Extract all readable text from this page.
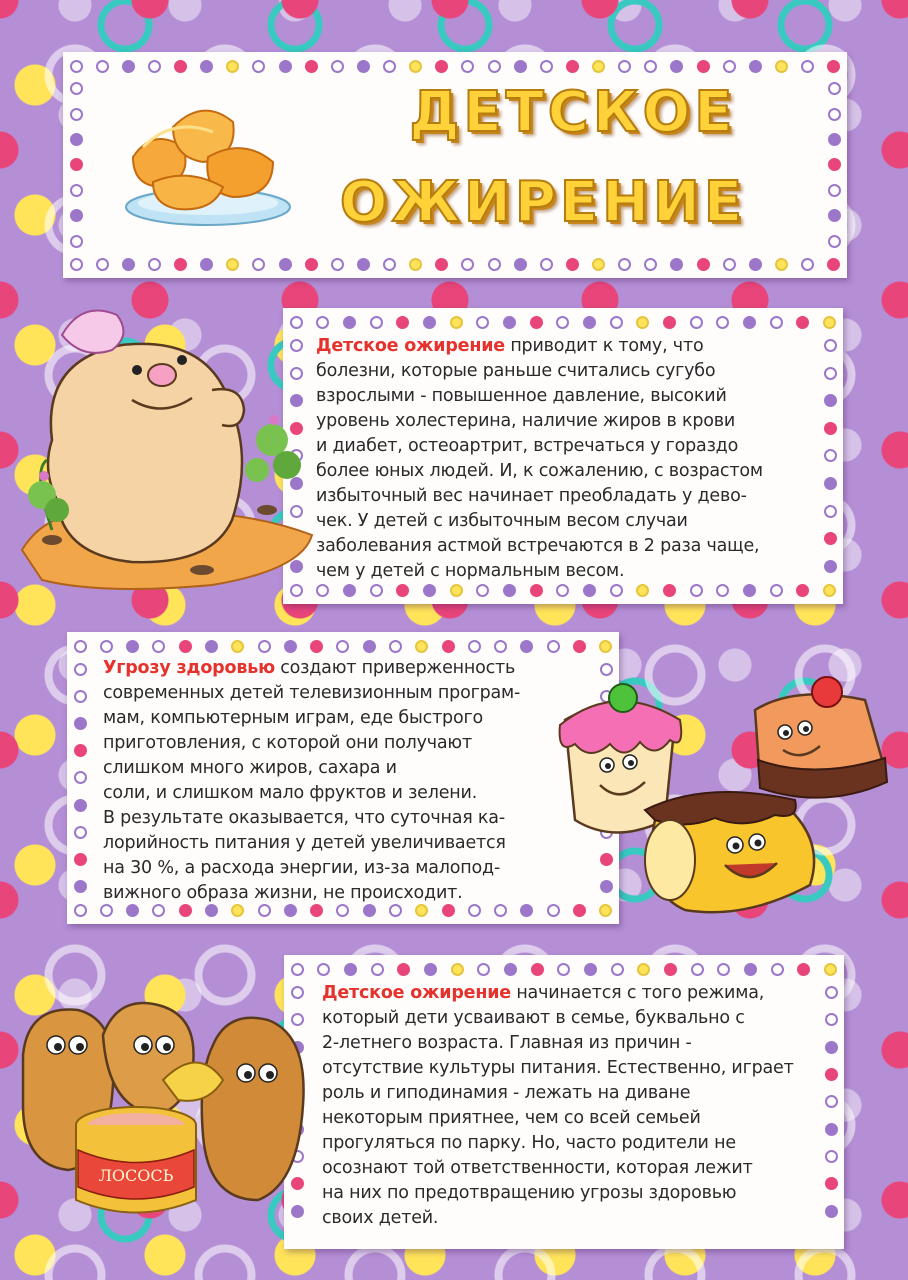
ДЕТСКОЕ
ОЖИРЕНИЕ

Детское ожирение приводит к тому, что

болезни, которые раньше считались сугубо

взрослыми - повышенное давление, высокий

уровень холестерина, наличие жиров в крови

и диабет, остеоартрит, встречаться у гораздо

более юных людей. И, к сожалению, с возрастом

избыточный вес начинает преобладать у дево-

чек. У детей с избыточным весом случаи

заболевания астмой встречаются в 2 раза чаще,

чем у детей с нормальным весом.

Угрозу здоровью создают приверженность

современных детей телевизионным програм-

мам, компьютерным играм, еде быстрого

приготовления, с которой они получают

слишком много жиров, сахара и

соли, и слишком мало фруктов и зелени.

В результате оказывается, что суточная ка-

лорийность питания у детей увеличивается

на 30 %, а расхода энергии, из-за малопод-

вижного образа жизни, не происходит.

Детское ожирение начинается с того режима,

который дети усваивают в семье, буквально с

2-летнего возраста. Главная из причин -

отсутствие культуры питания. Естественно, играет

роль и гиподинамия - лежать на диване

некоторым приятнее, чем со всей семьей

прогуляться по парку. Но, часто родители не

осознают той ответственности, которая лежит

на них по предотвращению угрозы здоровью

своих детей.

ЛОСОСЬ
